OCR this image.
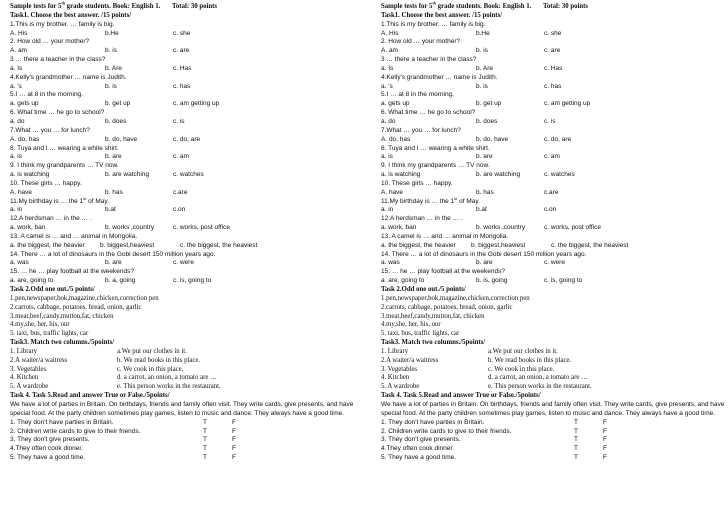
Sample tests for 5th grade students. Book: English 1. Total: 30 points
Task1. Choose the best answer. /15 points/
1.This is my brother. … family is big.
A. His	b.He	c. she
2. How old … your mother?
A. am	b. is	c. are
3 … there a teacher in the class?
a. Is	b. Are	c. Has
4.Kelly's grandmother … name is Judith.
a. 's	b. is	c. has
5.I … at 8 in the morning.
a. gets up	b. get up	c. am getting up
6. What time … he go to school?
a. do	b. does	c. is
7.What … you … for lunch?
A. do, has	b. do, have	c. do, are
8. Tuya and I … wearing a white shirt.
a. is	b. are	c. am
9. I think my grandparents … TV now.
a. is watching	b. are watching	c. watches
10. These girls … happy.
A. have	b. has	c.are
11.My birthday is … the 1st of May.
a. in	b.at	c.on
12.A herdsman … in the … .
a. work, ban	b. works ,country	c. works, post office
13. A camel is … and … animal in Mongolia.
a. the biggest, the heavier b. biggest,heaviest	c. the biggest, the heaviest
14. There … a lot of dinosaurs in the Gobi desert 150 million years ago.
a. was	b. are	c. were
15. … he … play football at the weekends?
a. are, going to	b. a, going	c. is, going to
Task 2.Odd one out./5 points/
1.pen,newspaper,bok,magazine,chicken,correction pen
2.carrots, cabbage, potatoes, bread, onion, garlic
3.meat,beef,candy,mutton,fat, chicken
4.my,she, her, his, our
5. taxi, bus, traffic lights, car
Task3. Match two columns./5points/
1. Library	a.We put our clothes in it.
2.A waiter/a waitress	b. We read books in this place.
3. Vegetables	c. We cook in this place.
4. Kitchen	d. a carrot, an onion, a tomato are …
5. A wardrobe	e. This person works in the restaurant.
Task 4. Task 5.Read and answer True or False./5points/
We have a lot of parties in Britain. On birthdays, friends and family often visit. They write cards, give presents, and have special food. At the party children sometimes play games, listen to music and dance. They always have a good time.
1. They don't have parties in Britain.	T	F
2. Children write cards to give to their friends.	T	F
3. They don't give presents.	T	F
4.They often cook dinner.	T	F
5. They have a good time.	T	F
Sample tests for 5th grade students. Book: English 1. Total: 30 points
Task1. Choose the best answer. /15 points/
1.This is my brother. … family is big.
A. His	b.He	c. she
2. How old … your mother?
A. am	b. is	c. are
3 … there a teacher in the class?
a. Is	b. Are	c. Has
4.Kelly's grandmother … name is Judith.
a. 's	b. is	c. has
5.I … at 8 in the morning.
a. gets up	b. get up	c. am getting up
6. What time … he go to school?
a. do	b. does	c. is
7.What … you … for lunch?
A. do, has	b. do, have	c. do, are
8. Tuya and I … wearing a white shirt.
a. is	b. are	c. am
9. I think my grandparents … TV now.
a. is watching	b. are watching	c. watches
10. These girls … happy.
A. have	b. has	c.are
11.My birthday is … the 1st of May.
a. in	b.at	c.on
12.A herdsman … in the … .
a. work, ban	b. works ,country	c. works, post office
13. A camel is … and … animal in Mongolia.
a. the biggest, the heavier b. biggest,heaviest	c. the biggest, the heaviest
14. There … a lot of dinosaurs in the Gobi desert 150 million years ago.
a. was	b. are	c. were
15. … he … play football at the weekends?
a. are, going to	b. is, going	c. is, going to
Task 2.Odd one out./5 points/
1.pen,newspaper,bok,magazine,chicken,correction pen
2.carrots, cabbage, potatoes, bread, onion, garlic
3.meat,beef,candy,mutton,fat, chicken
4.my,she, her, his, our
5. taxi, bus, traffic lights, car
Task3. Match two columns./5points/
1. Library	a.We put our clothes in it.
2.A waiter/a waitress	b. We read books in this place.
3. Vegetables	c. We cook in this place.
4. Kitchen	d. a carrot, an onion, a tomato are …
5. A wardrobe	e. This person works in the restaurant.
Task 4. Task 5.Read and answer True or False./5points/
We have a lot of parties in Britain. On birthdays, friends and family often visit. They write cards, give presents, and have special food. At the party children sometimes play games, listen to music and dance. They always have a good time.
1. They don't have parties in Britain.	T	F
2. Children write cards to give to their friends.	T	F
3. They don't give presents.	T	F
4.They often cook dinner.	T	F
5. They have a good time.	T	F
